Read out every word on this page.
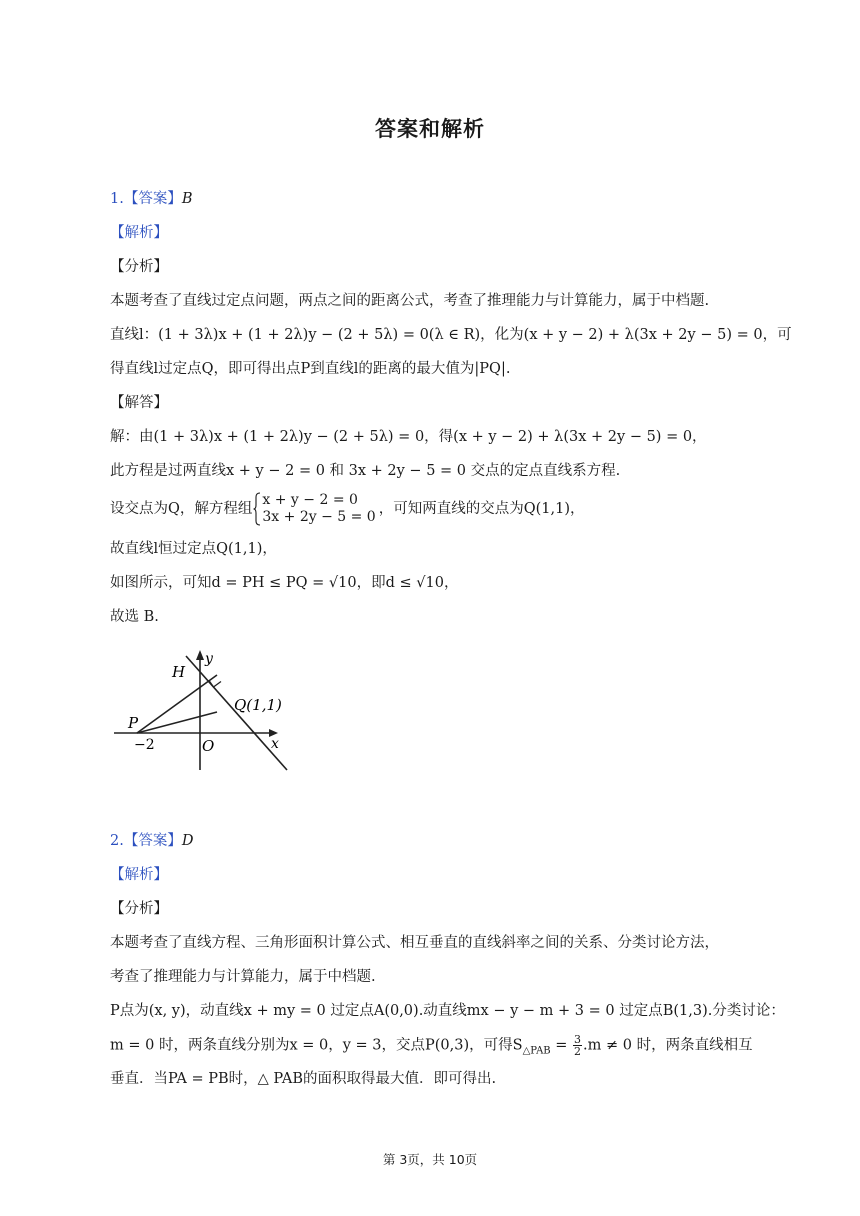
答案和解析
1.【答案】B
【解析】
【分析】
本题考查了直线过定点问题，两点之间的距离公式，考查了推理能力与计算能力，属于中档题.
直线l：(1 + 3λ)x + (1 + 2λ)y − (2 + 5λ) = 0(λ ∈ R)，化为(x + y − 2) + λ(3x + 2y − 5) = 0，可
得直线l过定点Q，即可得出点P到直线l的距离的最大值为|PQ|.
【解答】
解：由(1 + 3λ)x + (1 + 2λ)y − (2 + 5λ) = 0，得(x + y − 2) + λ(3x + 2y − 5) = 0，
此方程是过两直线x + y − 2 = 0 和 3x + 2y − 5 = 0 交点的定点直线系方程.
设交点为Q，解方程组
x + y − 2 = 0
3x + 2y − 5 = 0 ，可知两直线的交点为Q(1,1)，
故直线l恒过定点Q(1,1)，
如图所示，可知d = PH ≤ PQ = √10，即d ≤ √10，
故选 B.
H
y
Q(1,1)
P
−2	O	x
2.【答案】D
【解析】
【分析】
本题考查了直线方程、三角形面积计算公式、相互垂直的直线斜率之间的关系、分类讨论方法，
考查了推理能力与计算能力，属于中档题.
P点为(x, y)，动直线x + my = 0 过定点A(0,0).动直线mx − y − m + 3 = 0 过定点B(1,3).分类讨论：
m = 0 时，两条直线分别为x = 0，y = 3，交点P(0,3)，可得$S_{\triangle PAB} = \frac{3}{2} .m \ne 0$ 时，两条直线相互
垂直．当PA = PB时，△ PAB的面积取得最大值．即可得出.
第 3页，共 10页
